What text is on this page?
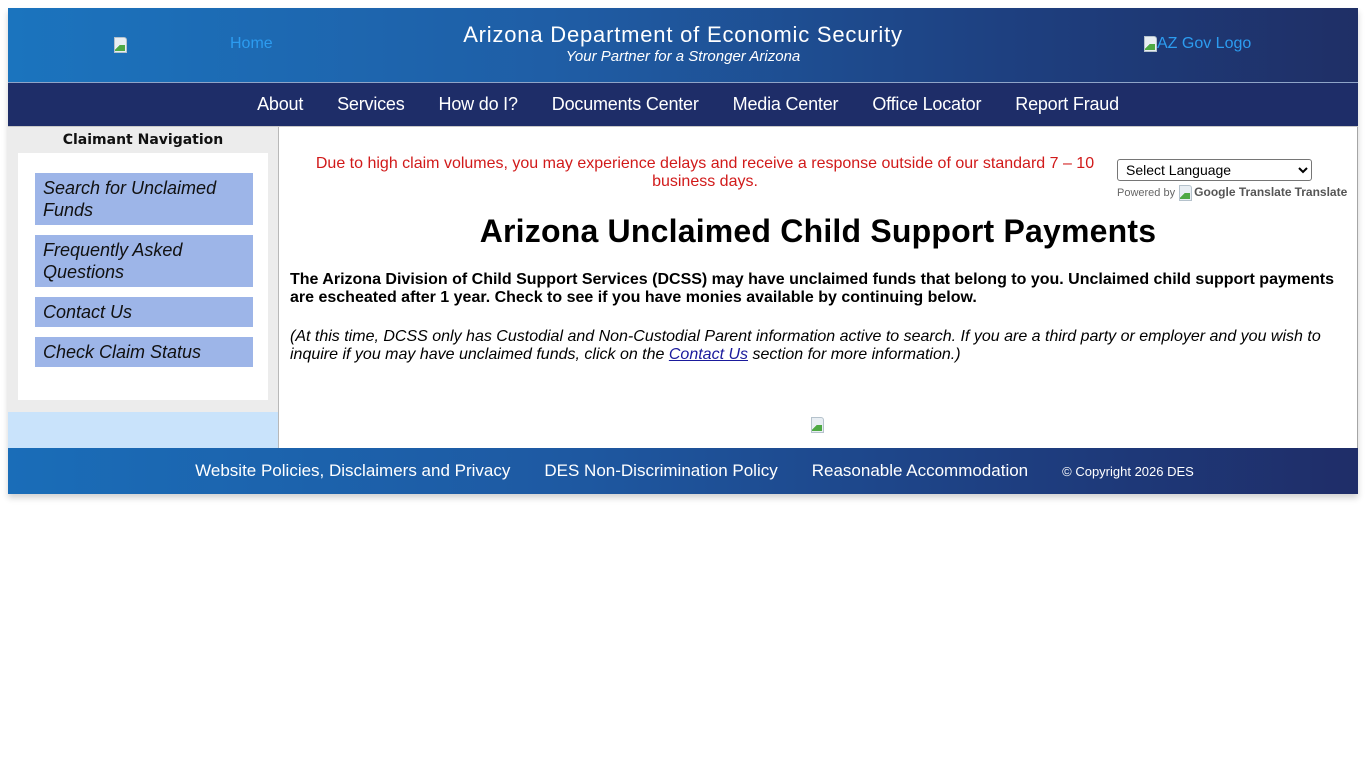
Home	Arizona Department of Economic Security
Your Partner for a Stronger Arizona
AZ Gov Logo
About Services How do I? Documents Center Media Center Office Locator Report Fraud
Claimant Navigation
Search for Unclaimed Funds
Frequently Asked Questions
Contact Us
Check Claim Status
Due to high claim volumes, you may experience delays and receive a response outside of our standard 7 – 10 business days.
Select Language
Powered by Google Translate Translate
Arizona Unclaimed Child Support Payments

The Arizona Division of Child Support Services (DCSS) may have unclaimed funds that belong to you. Unclaimed child support payments are escheated after 1 year. Check to see if you have monies available by continuing below.

(At this time, DCSS only has Custodial and Non-Custodial Parent information active to search. If you are a third party or employer and you wish to inquire if you may have unclaimed funds, click on the Contact Us section for more information.)

Website Policies, Disclaimers and Privacy DES Non-Discrimination Policy Reasonable Accommodation	© Copyright 2026 DES
